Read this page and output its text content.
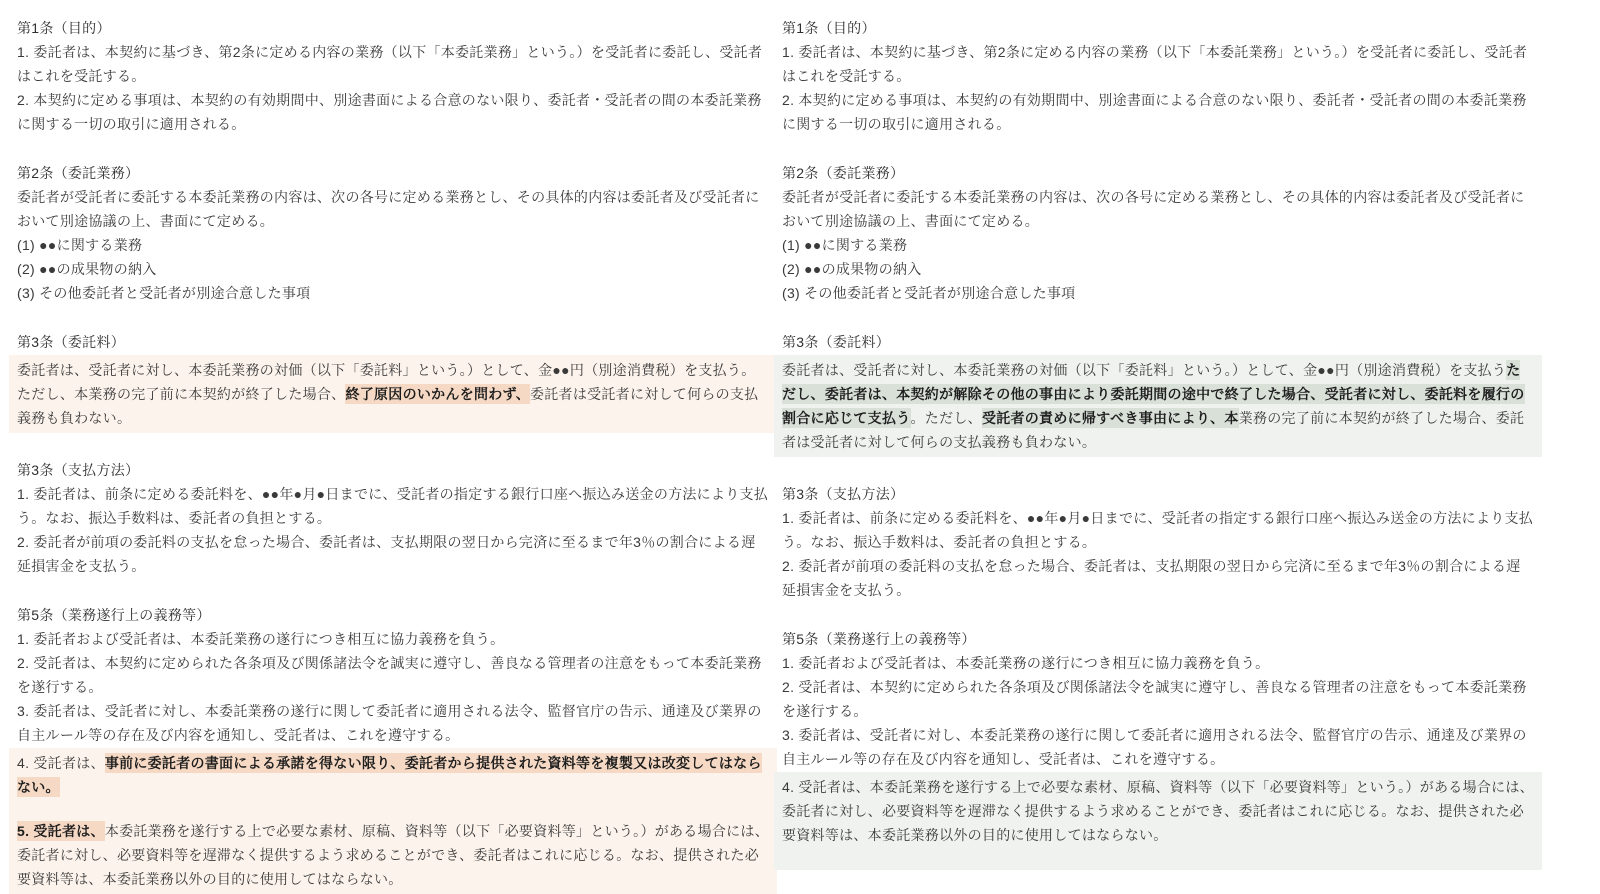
第1条（目的）

1. 委託者は、本契約に基づき、第2条に定める内容の業務（以下「本委託業務」という。）を受託者に委託し、受託者はこれを受託する。

2. 本契約に定める事項は、本契約の有効期間中、別途書面による合意のない限り、委託者・受託者の間の本委託業務に関する一切の取引に適用される。

第2条（委託業務）

委託者が受託者に委託する本委託業務の内容は、次の各号に定める業務とし、その具体的内容は委託者及び受託者において別途協議の上、書面にて定める。

(1) ●●に関する業務

(2) ●●の成果物の納入

(3) その他委託者と受託者が別途合意した事項

第3条（委託料）
委託者は、受託者に対し、本委託業務の対価（以下「委託料」という。）として、金●●円（別途消費税）を支払う。ただし、本業務の完了前に本契約が終了した場合、終了原因のいかんを問わず、委託者は受託者に対して何らの支払義務も負わない。
第3条（支払方法）

1. 委託者は、前条に定める委託料を、●●年●月●日までに、受託者の指定する銀行口座へ振込み送金の方法により支払う。なお、振込手数料は、委託者の負担とする。

2. 委託者が前項の委託料の支払を怠った場合、委託者は、支払期限の翌日から完済に至るまで年3％の割合による遅延損害金を支払う。

第5条（業務遂行上の義務等）

1. 委託者および受託者は、本委託業務の遂行につき相互に協力義務を負う。

2. 受託者は、本契約に定められた各条項及び関係諸法令を誠実に遵守し、善良なる管理者の注意をもって本委託業務を遂行する。

3. 委託者は、受託者に対し、本委託業務の遂行に関して委託者に適用される法令、監督官庁の告示、通達及び業界の自主ルール等の存在及び内容を通知し、受託者は、これを遵守する。

4. 受託者は、事前に委託者の書面による承諾を得ない限り、委託者から提供された資料等を複製又は改変してはならない。
5. 受託者は、本委託業務を遂行する上で必要な素材、原稿、資料等（以下「必要資料等」という。）がある場合には、委託者に対し、必要資料等を遅滞なく提供するよう求めることができ、委託者はこれに応じる。なお、提供された必要資料等は、本委託業務以外の目的に使用してはならない。
第1条（目的）

1. 委託者は、本契約に基づき、第2条に定める内容の業務（以下「本委託業務」という。）を受託者に委託し、受託者はこれを受託する。

2. 本契約に定める事項は、本契約の有効期間中、別途書面による合意のない限り、委託者・受託者の間の本委託業務に関する一切の取引に適用される。

第2条（委託業務）

委託者が受託者に委託する本委託業務の内容は、次の各号に定める業務とし、その具体的内容は委託者及び受託者において別途協議の上、書面にて定める。

(1) ●●に関する業務

(2) ●●の成果物の納入

(3) その他委託者と受託者が別途合意した事項

第3条（委託料）
委託者は、受託者に対し、本委託業務の対価（以下「委託料」という。）として、金●●円（別途消費税）を支払うただし、委託者は、本契約が解除その他の事由により委託期間の途中で終了した場合、受託者に対し、委託料を履行の割合に応じて支払う。ただし、受託者の責めに帰すべき事由により、本業務の完了前に本契約が終了した場合、委託者は受託者に対して何らの支払義務も負わない。
第3条（支払方法）

1. 委託者は、前条に定める委託料を、●●年●月●日までに、受託者の指定する銀行口座へ振込み送金の方法により支払う。なお、振込手数料は、委託者の負担とする。

2. 委託者が前項の委託料の支払を怠った場合、委託者は、支払期限の翌日から完済に至るまで年3％の割合による遅延損害金を支払う。

第5条（業務遂行上の義務等）

1. 委託者および受託者は、本委託業務の遂行につき相互に協力義務を負う。

2. 受託者は、本契約に定められた各条項及び関係諸法令を誠実に遵守し、善良なる管理者の注意をもって本委託業務を遂行する。

3. 委託者は、受託者に対し、本委託業務の遂行に関して委託者に適用される法令、監督官庁の告示、通達及び業界の自主ルール等の存在及び内容を通知し、受託者は、これを遵守する。

4. 受託者は、本委託業務を遂行する上で必要な素材、原稿、資料等（以下「必要資料等」という。）がある場合には、委託者に対し、必要資料等を遅滞なく提供するよう求めることができ、委託者はこれに応じる。なお、提供された必要資料等は、本委託業務以外の目的に使用してはならない。
